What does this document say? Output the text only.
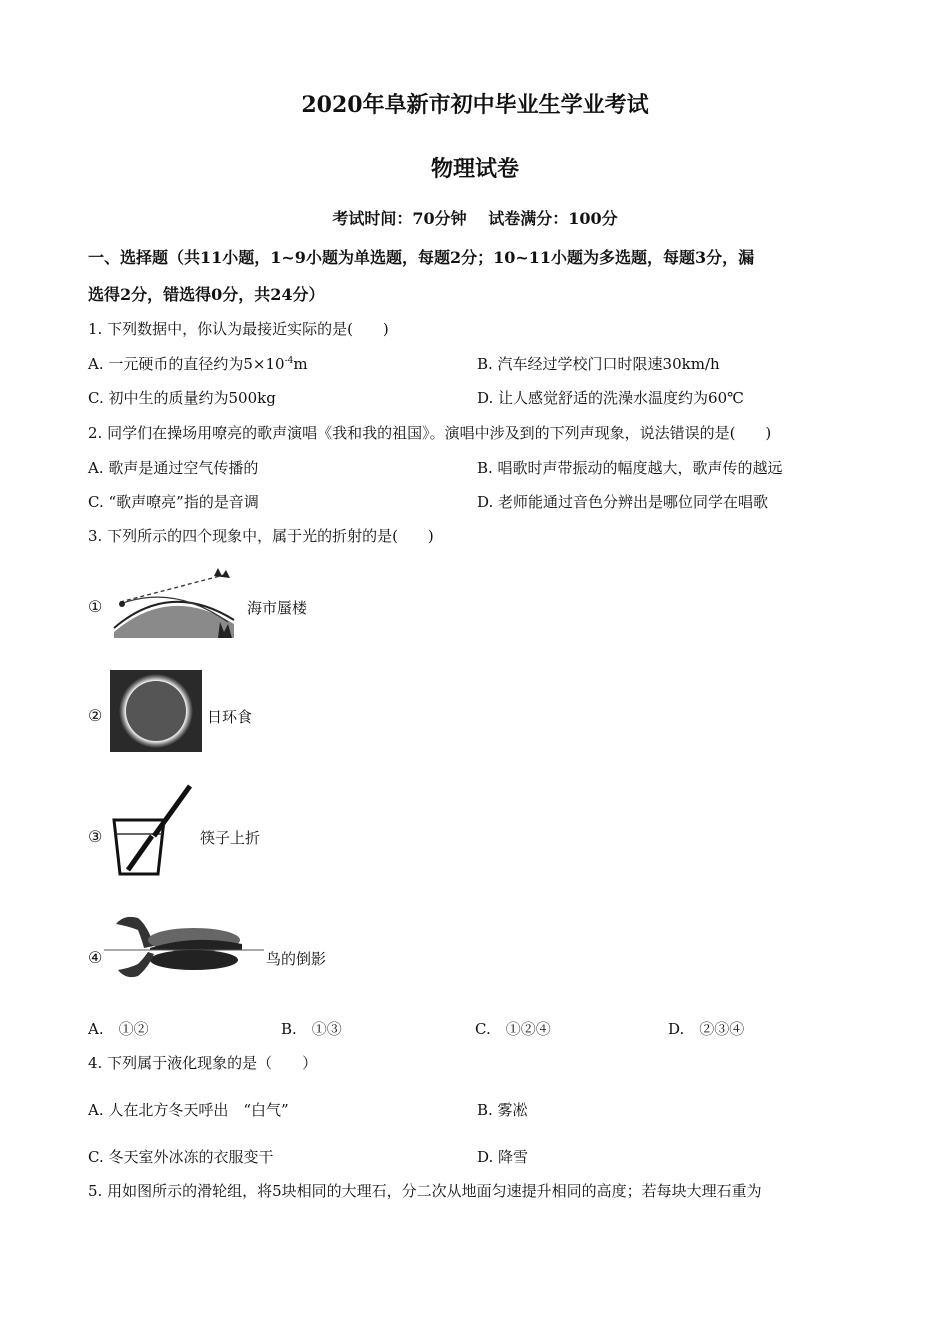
2020年阜新市初中毕业生学业考试
物理试卷
考试时间：70分钟　 试卷满分：100分
一、选择题（共11小题，1~9小题为单选题，每题2分；10~11小题为多选题，每题3分，漏
选得2分，错选得0分，共24分）
1. 下列数据中，你认为最接近实际的是(　　)
A. 一元硬币的直径约为$5\times 10^{-4}m$	B. 汽车经过学校门口时限速30km/h
C. 初中生的质量约为500kg	D. 让人感觉舒适的洗澡水温度约为60℃
2. 同学们在操场用嘹亮的歌声演唱《我和我的祖国》。演唱中涉及到的下列声现象，说法错误的是(　　)
A. 歌声是通过空气传播的	B. 唱歌时声带振动的幅度越大，歌声传的越远
C. “歌声嘹亮”指的是音调	D. 老师能通过音色分辨出是哪位同学在唱歌
3. 下列所示的四个现象中，属于光的折射的是(　　)
①	海市蜃楼
②	日环食
③	筷子上折
④	鸟的倒影
A.　①②	B.　①③	C.　①②④	D.　②③④
4. 下列属于液化现象的是（　　）
A. 人在北方冬天呼出　“白气”	B. 雾凇
C. 冬天室外冰冻的衣服变干	D. 降雪
5. 用如图所示的滑轮组，将5块相同的大理石，分二次从地面匀速提升相同的高度；若每块大理石重为
